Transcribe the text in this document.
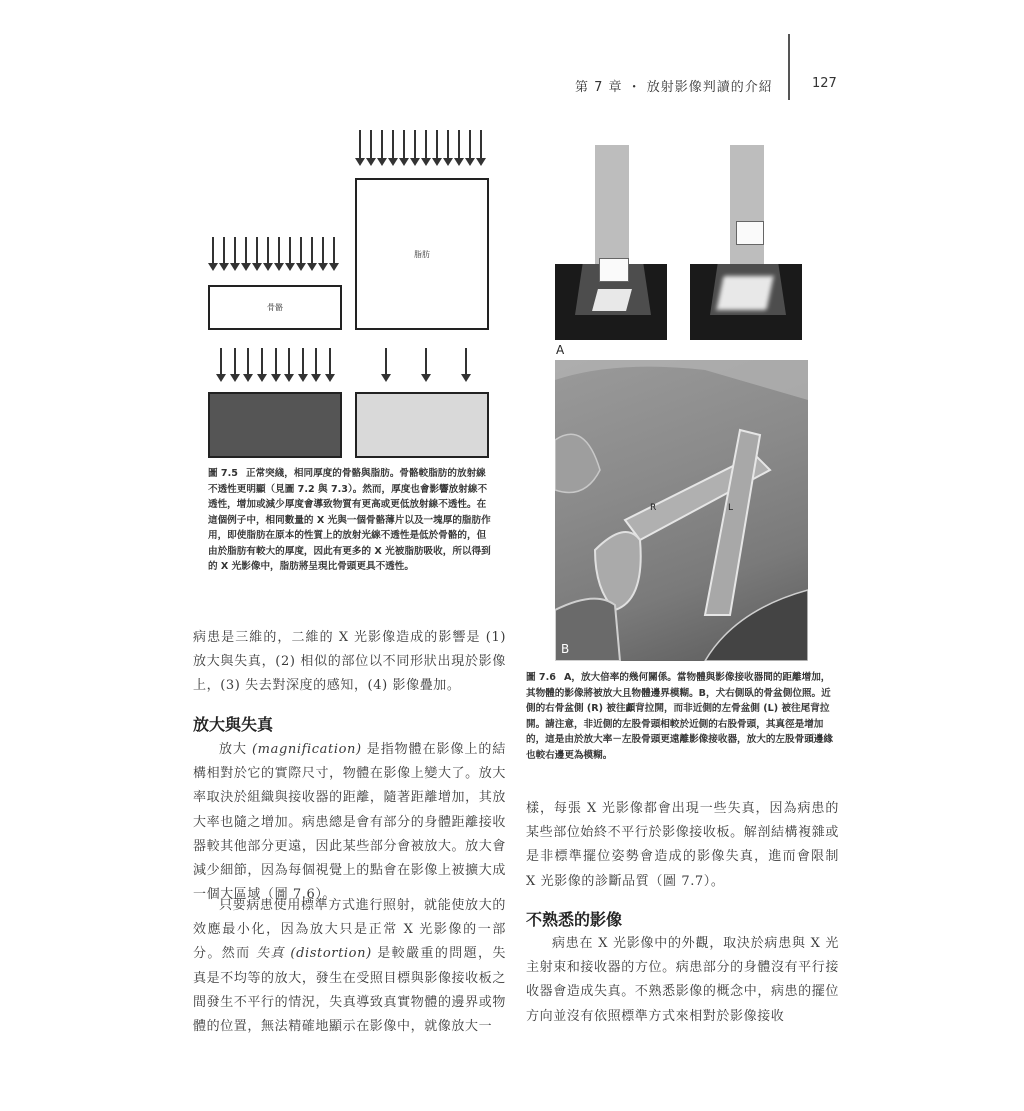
第 7 章 ・ 放射影像判讀的介紹	127
脂肪
骨骼
圖 7.5 正常突綫，相同厚度的骨骼與脂肪。骨骼較脂肪的放射線不透性更明顯（見圖 7.2 與 7.3）。然而，厚度也會影響放射線不透性，增加或減少厚度會導致物質有更高或更低放射線不透性。在這個例子中，相同數量的 X 光與一個骨骼薄片以及一塊厚的脂肪作用，即使脂肪在原本的性質上的放射光線不透性是低於骨骼的，但由於脂肪有較大的厚度，因此有更多的 X 光被脂肪吸收，所以得到的 X 光影像中，脂肪將呈現比骨頭更具不透性。
病患是三維的，二維的 X 光影像造成的影響是 (1) 放大與失真，(2) 相似的部位以不同形狀出現於影像上，(3) 失去對深度的感知，(4) 影像疊加。
放大與失真
放大 (magnification) 是指物體在影像上的結構相對於它的實際尺寸，物體在影像上變大了。放大率取決於組織與接收器的距離，隨著距離增加，其放大率也隨之增加。病患總是會有部分的身體距離接收器較其他部分更遠，因此某些部分會被放大。放大會減少細節，因為每個視覺上的點會在影像上被擴大成一個大區域（圖 7.6）。
只要病患使用標準方式進行照射，就能使放大的效應最小化，因為放大只是正常 X 光影像的一部分。然而 失真 (distortion) 是較嚴重的問題，失真是不均等的放大，發生在受照目標與影像接收板之間發生不平行的情況，失真導致真實物體的邊界或物體的位置，無法精確地顯示在影像中，就像放大一
A
R	L
B
圖 7.6 A，放大倍率的幾何關係。當物體與影像接收器間的距離增加，其物體的影像將被放大且物體邊界模糊。B，犬右側臥的骨盆側位照。近側的右骨盆側 (R) 被往顱背拉開，而非近側的左骨盆側 (L) 被往尾背拉開。請注意，非近側的左股骨頭相較於近側的右股骨頭，其真徑是增加的，這是由於放大率－左股骨頭更遠離影像接收器，放大的左股骨頭邊緣也較右邊更為模糊。
樣，每張 X 光影像都會出現一些失真，因為病患的某些部位始終不平行於影像接收板。解剖結構複雜或是非標準擺位姿勢會造成的影像失真，進而會限制 X 光影像的診斷品質（圖 7.7）。
不熟悉的影像
病患在 X 光影像中的外觀，取決於病患與 X 光主射束和接收器的方位。病患部分的身體沒有平行接收器會造成失真。不熟悉影像的概念中，病患的擺位方向並沒有依照標準方式來相對於影像接收
